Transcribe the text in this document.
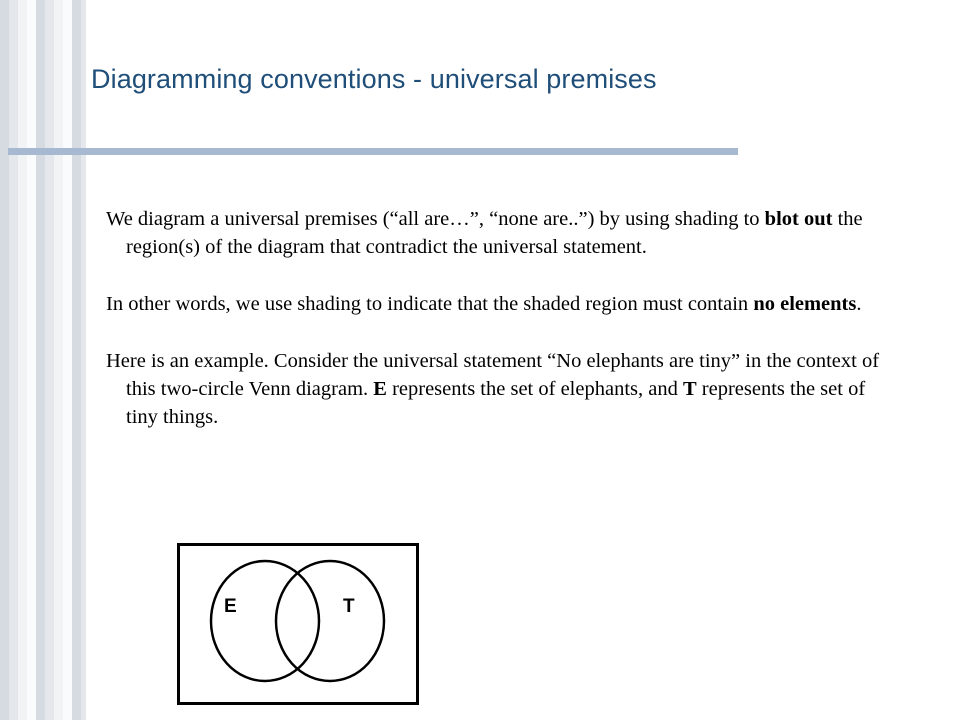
Diagramming conventions - universal premises

We diagram a universal premises (“all are…”, “none are..”) by using shading to blot out the region(s) of the diagram that contradict the universal statement.

In other words, we use shading to indicate that the shaded region must contain no elements.

Here is an example. Consider the universal statement “No elephants are tiny” in the context of this two-circle Venn diagram. E represents the set of elephants, and T represents the set of tiny things.

E	T
